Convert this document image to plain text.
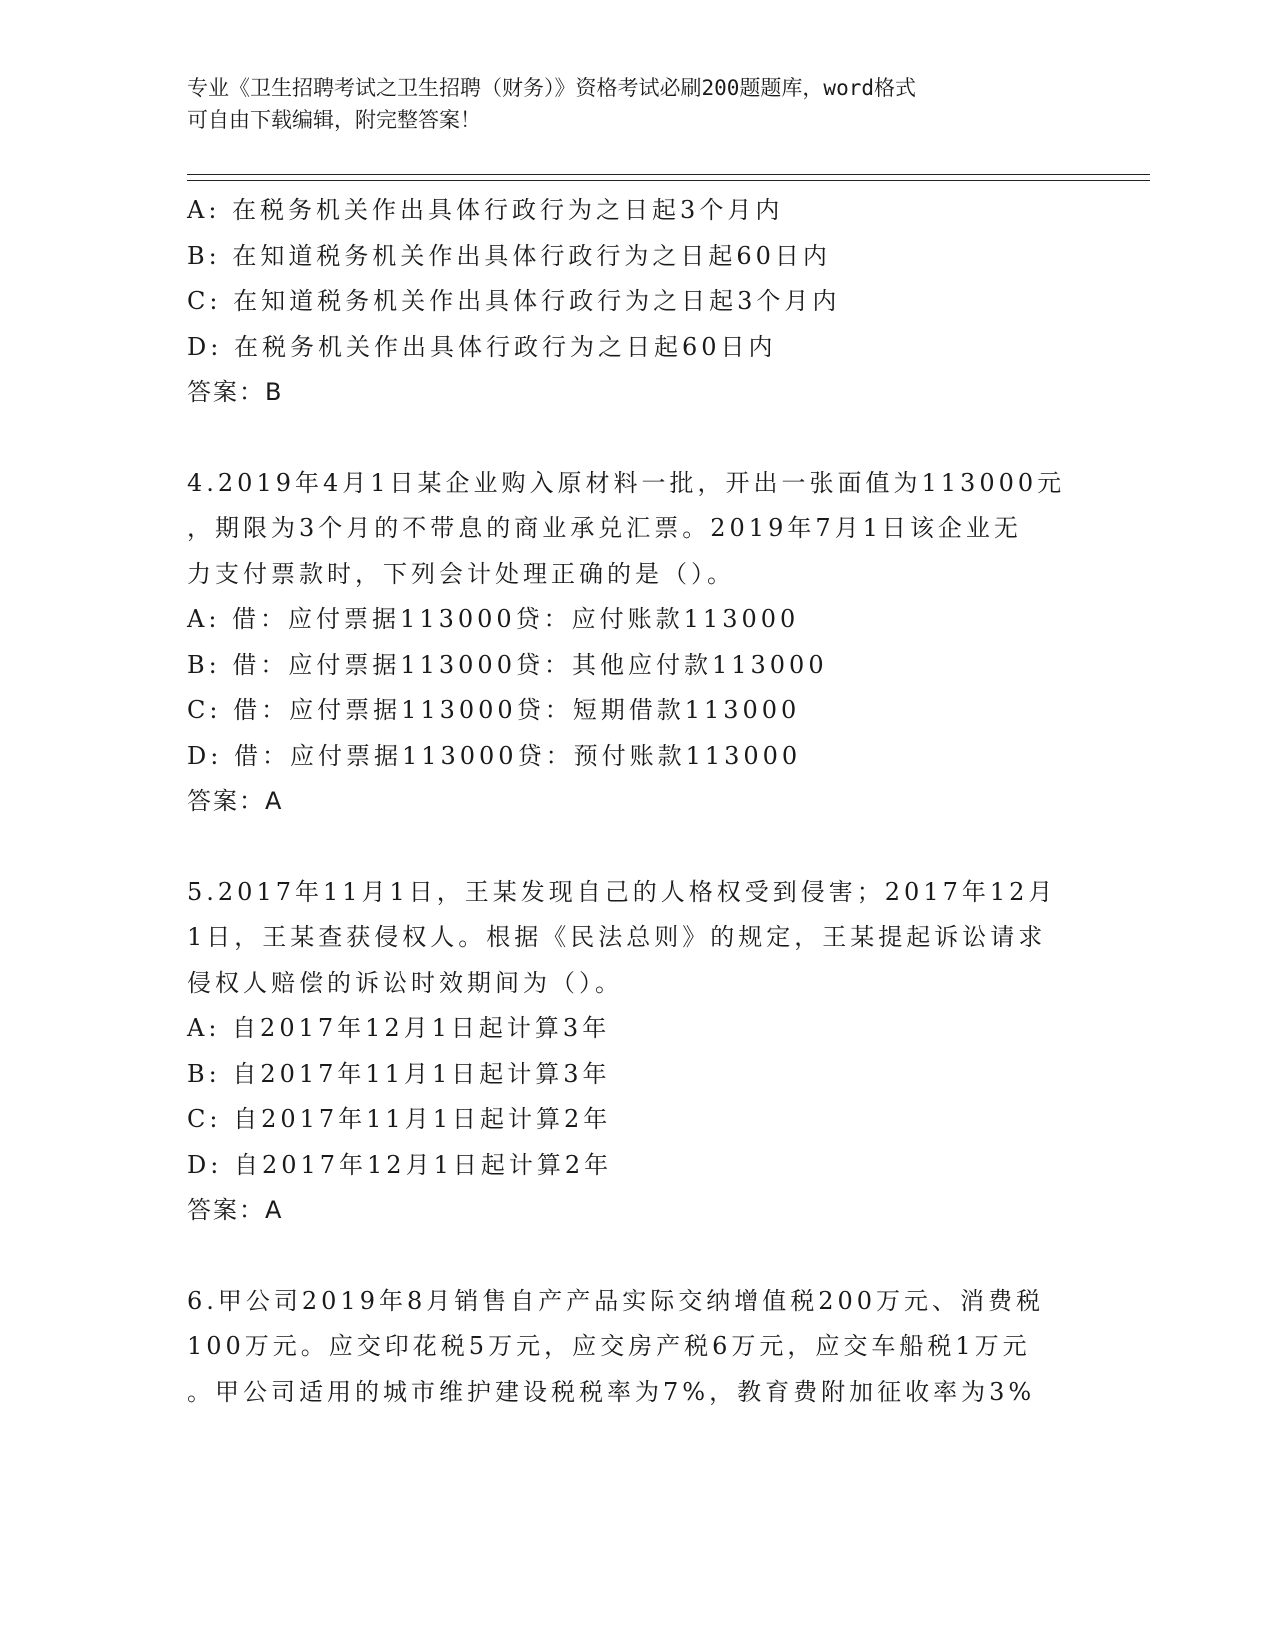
专业《卫生招聘考试之卫生招聘（财务）》资格考试必刷200题题库，word格式
可自由下载编辑，附完整答案！
A: 在税务机关作出具体行政行为之日起3个月内
B: 在知道税务机关作出具体行政行为之日起60日内
C: 在知道税务机关作出具体行政行为之日起3个月内
D: 在税务机关作出具体行政行为之日起60日内
答案：B
4.2019年4月1日某企业购入原材料一批，开出一张面值为113000元
，期限为3个月的不带息的商业承兑汇票。2019年7月1日该企业无
力支付票款时，下列会计处理正确的是（）。
A: 借：应付票据113000贷：应付账款113000
B: 借：应付票据113000贷：其他应付款113000
C: 借：应付票据113000贷：短期借款113000
D: 借：应付票据113000贷：预付账款113000
答案：A
5.2017年11月1日，王某发现自己的人格权受到侵害；2017年12月
1日，王某查获侵权人。根据《民法总则》的规定，王某提起诉讼请求
侵权人赔偿的诉讼时效期间为（）。
A: 自2017年12月1日起计算3年
B: 自2017年11月1日起计算3年
C: 自2017年11月1日起计算2年
D: 自2017年12月1日起计算2年
答案：A
6.甲公司2019年8月销售自产产品实际交纳增值税200万元、消费税
100万元。应交印花税5万元，应交房产税6万元，应交车船税1万元
。甲公司适用的城市维护建设税税率为7%，教育费附加征收率为3%
